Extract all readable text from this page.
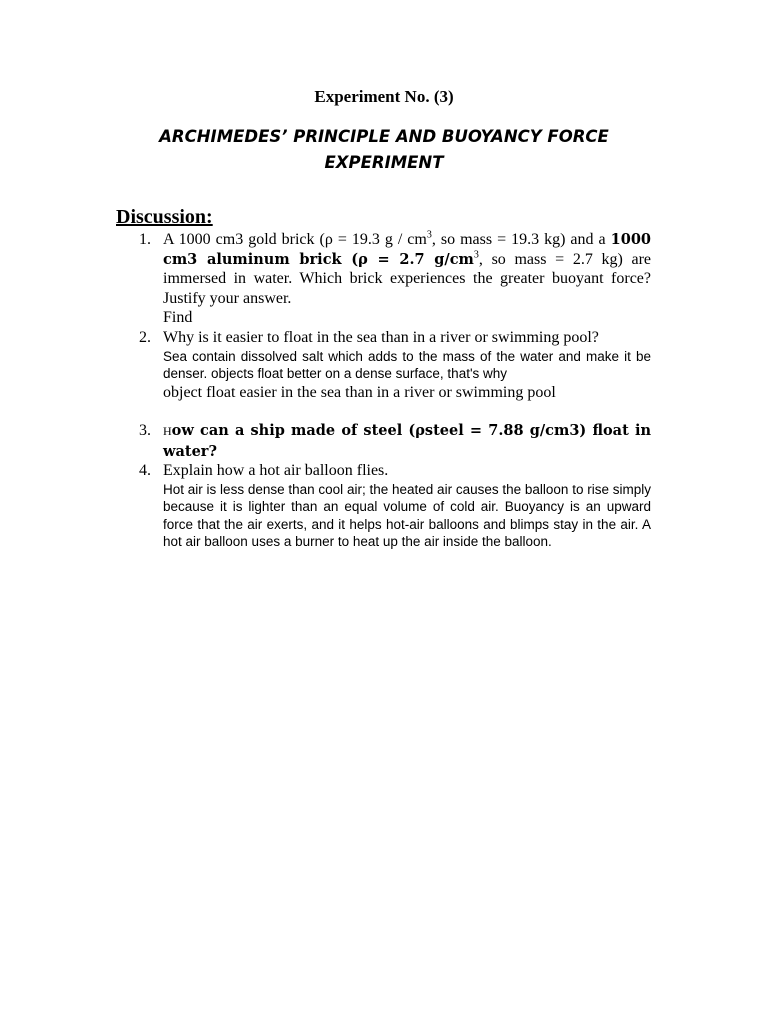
Experiment No. (3)
ARCHIMEDES’ PRINCIPLE AND BUOYANCY FORCE
EXPERIMENT
Discussion:
1. A 1000 cm3 gold brick (ρ = 19.3 g / $cm^3$, so mass = 19.3 kg) and a 1000 cm3 aluminum brick (ρ = 2.7 $g/cm^3$, so mass = 2.7 kg) are immersed in water. Which brick experiences the greater buoyant force? Justify your answer.
Find
2. Why is it easier to float in the sea than in a river or swimming pool?
Sea contain dissolved salt which adds to the mass of the water and make it be denser. objects float better on a dense surface, that's why
object float easier in the sea than in a river or swimming pool
3. How can a ship made of steel (ρsteel = 7.88 g/cm3) float in water?
4. Explain how a hot air balloon flies.
Hot air is less dense than cool air; the heated air causes the balloon to rise simply because it is lighter than an equal volume of cold air. Buoyancy is an upward force that the air exerts, and it helps hot-air balloons and blimps stay in the air. A hot air balloon uses a burner to heat up the air inside the balloon.
